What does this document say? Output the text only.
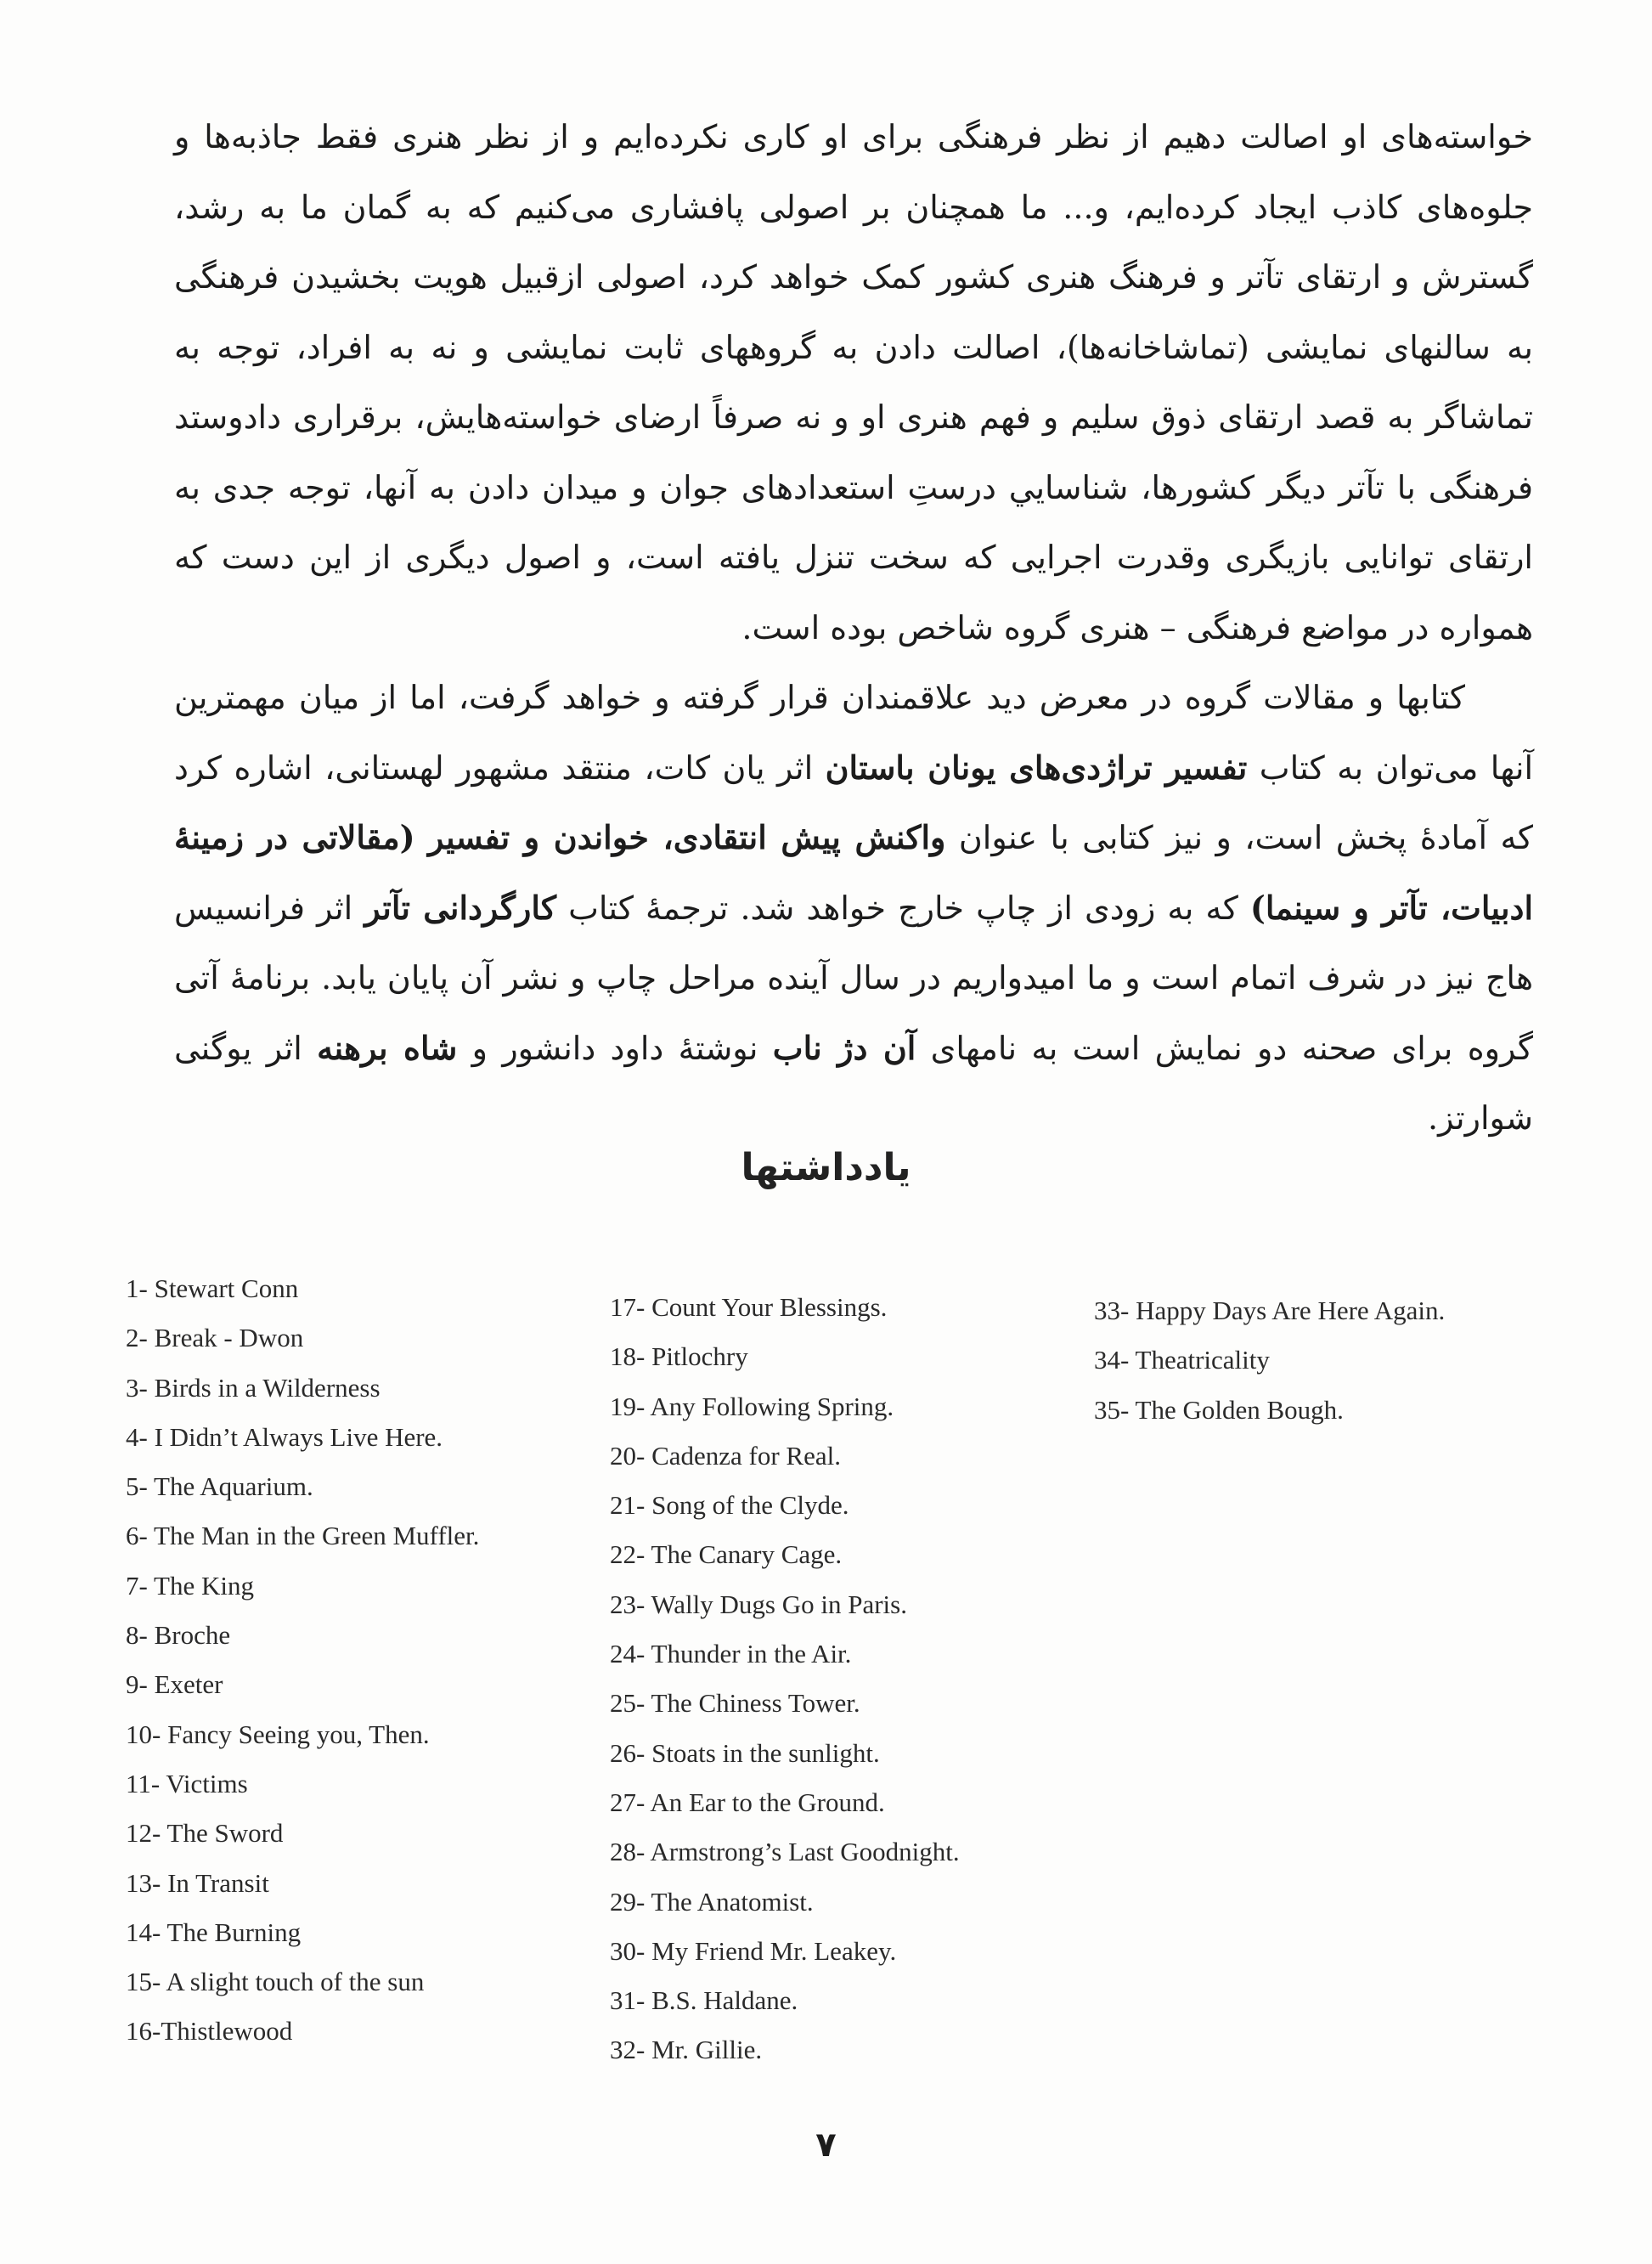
خواسته‌های او اصالت دهیم از نظر فرهنگی برای او کاری نکرده‌ایم و از نظر هنری فقط جاذبه‌ها و جلوه‌های کاذب ایجاد کرده‌ایم، و... ما همچنان بر اصولی پافشاری می‌کنیم که به گمان ما به رشد، گسترش و ارتقای تآتر و فرهنگ هنری کشور کمک خواهد کرد، اصولی ازقبیل هویت بخشیدن فرهنگی به سالنهای نمایشی (تماشاخانه‌ها)، اصالت دادن به گروههای ثابت نمایشی و نه به افراد، توجه به تماشاگر به قصد ارتقای ذوق سلیم و فهم هنری او و نه صرفاً ارضای خواسته‌هایش، برقراری دادوستد فرهنگی با تآتر دیگر کشورها، شناسایي درستِ استعدادهای جوان و میدان دادن به آنها، توجه جدی به ارتقای توانایی بازیگری وقدرت اجرایی که سخت تنزل یافته است، و اصول دیگری از این دست که همواره در مواضع فرهنگی – هنری گروه شاخص بوده است.

کتابها و مقالات گروه در معرض دید علاقمندان قرار گرفته و خواهد گرفت، اما از میان مهمترین آنها می‌توان به کتاب تفسیر تراژدی‌های یونان باستان اثر یان کات، منتقد مشهور لهستانی، اشاره کرد که آمادهٔ پخش است، و نیز کتابی با عنوان واکنش پیش انتقادی، خواندن و تفسیر (مقالاتی در زمینهٔ ادبیات، تآتر و سینما) که به زودی از چاپ خارج خواهد شد. ترجمهٔ کتاب کارگردانی تآتر اثر فرانسیس هاج نیز در شرف اتمام است و ما امیدواریم در سال آینده مراحل چاپ و نشر آن پایان یابد. برنامهٔ آتی گروه برای صحنه دو نمایش است به نامهای آن دژ ناب نوشتهٔ داود دانشور و شاه برهنه اثر یوگنی شوارتز.

یادداشتها
1- Stewart Conn
2- Break - Dwon
3- Birds in a Wilderness
4- I Didn’t Always Live Here.
5- The Aquarium.
6- The Man in the Green Muffler.
7- The King
8- Broche
9- Exeter
10- Fancy Seeing you, Then.
11- Victims
12- The Sword
13- In Transit
14- The Burning
15- A slight touch of the sun
16-Thistlewood
17- Count Your Blessings.
18- Pitlochry
19- Any Following Spring.
20- Cadenza for Real.
21- Song of the Clyde.
22- The Canary Cage.
23- Wally Dugs Go in Paris.
24- Thunder in the Air.
25- The Chiness Tower.
26- Stoats in the sunlight.
27- An Ear to the Ground.
28- Armstrong’s Last Goodnight.
29- The Anatomist.
30- My Friend Mr. Leakey.
31- B.S. Haldane.
32- Mr. Gillie.
33- Happy Days Are Here Again.
34- Theatricality
35- The Golden Bough.
۷
